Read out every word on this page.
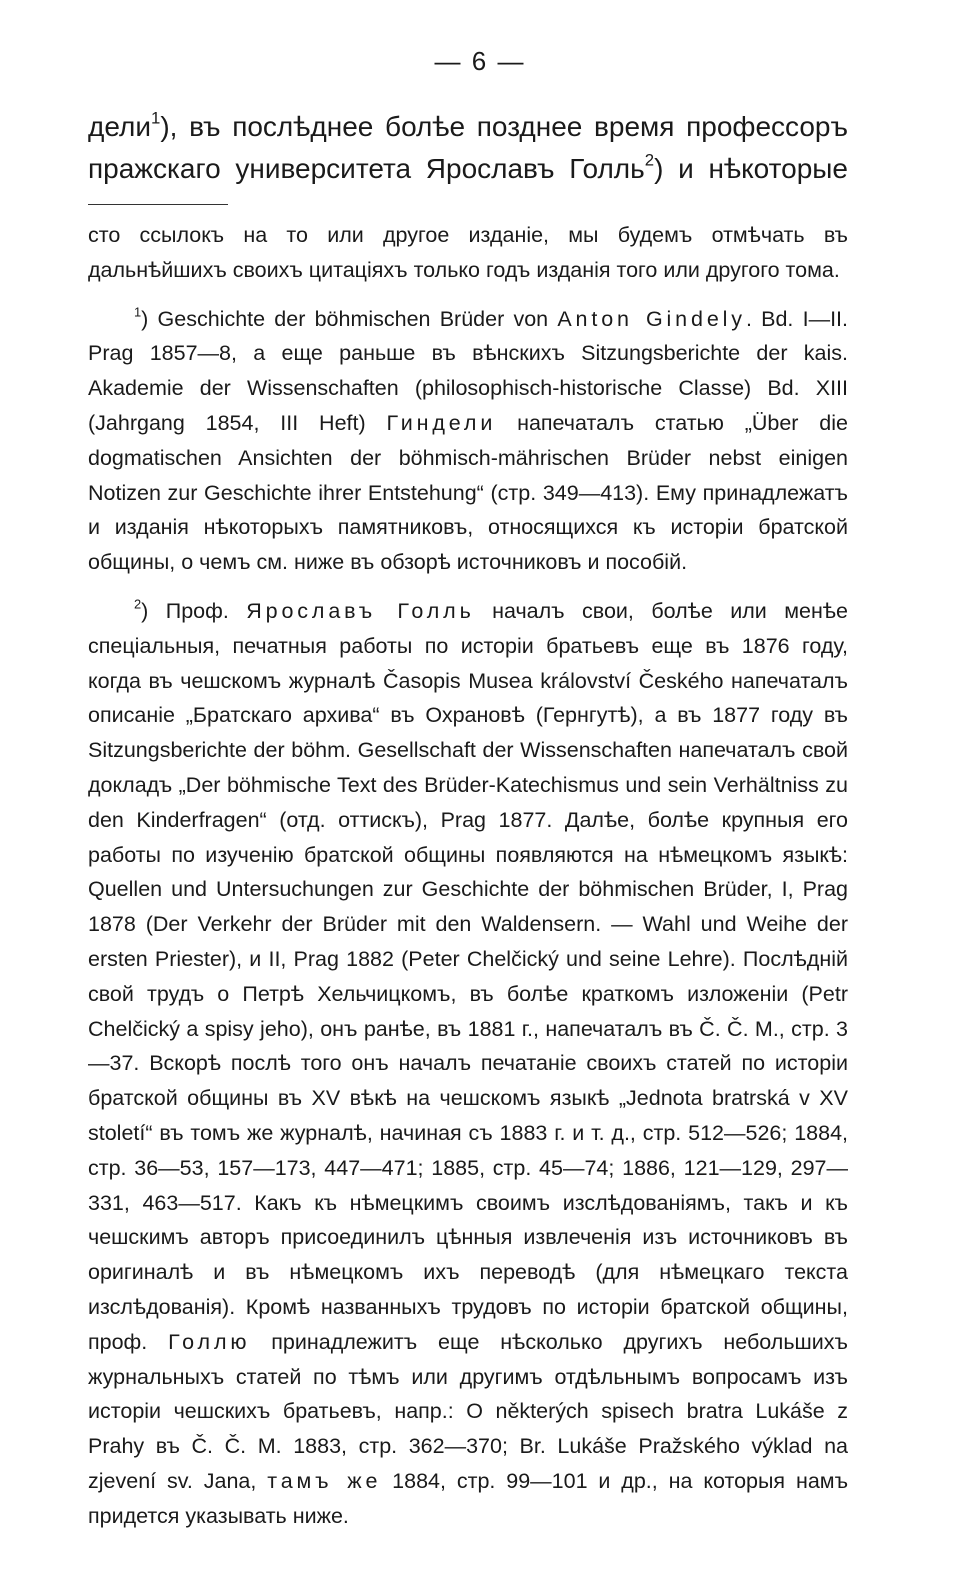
— 6 —

дели$^1$), въ послѣднее болѣе позднее время профессоръ пражскаго университета Ярославъ Голль$^2$) и нѣкоторые

сто ссылокъ на то или другое изданіе, мы будемъ отмѣчать въ дальнѣйшихъ своихъ цитаціяхъ только годъ изданія того или другого тома.

$^1$) Geschichte der böhmischen Brüder von Anton Gindely. Bd. I—II. Prag 1857—8, а еще раньше въ вѣнскихъ Sitzungsberichte der kais. Akademie der Wissenschaften (philosophisch-historische Classe) Bd. XIII (Jahrgang 1854, III Heft) Гиндели напечаталъ статью „Über die dogmatischen Ansichten der böhmisch-mährischen Brüder nebst einigen Notizen zur Geschichte ihrer Entstehung“ (стр. 349—413). Ему принадлежатъ и изданія нѣкоторыхъ памятниковъ, относящихся къ исторіи братской общины, о чемъ см. ниже въ обзорѣ источниковъ и пособій.

$^2$) Проф. Ярославъ Голль началъ свои, болѣе или менѣе спеціальныя, печатныя работы по исторіи братьевъ еще въ 1876 году, когда въ чешскомъ журналѣ Časopis Musea království Českého напечаталъ описаніе „Братскаго архива“ въ Охрановѣ (Гернгутѣ), а въ 1877 году въ Sitzungsberichte der böhm. Gesellschaft der Wissenschaften напечаталъ свой докладъ „Der böhmische Text des Brüder-Katechismus und sein Verhältniss zu den Kinderfragen“ (отд. оттискъ), Prag 1877. Далѣе, болѣе крупныя его работы по изученію братской общины появляются на нѣмецкомъ языкѣ: Quellen und Untersuchungen zur Geschichte der böhmischen Brüder, I, Prag 1878 (Der Verkehr der Brüder mit den Waldensern. — Wahl und Weihe der ersten Priester), и II, Prag 1882 (Peter Chelčický und seine Lehre). Послѣдній свой трудъ о Петрѣ Хельчицкомъ, въ болѣе краткомъ изложеніи (Petr Chelčický a spisy jeho), онъ ранѣе, въ 1881 г., напечаталъ въ Č. Č. M., стр. 3—37. Вскорѣ послѣ того онъ началъ печатаніе своихъ статей по исторіи братской общины въ XV вѣкѣ на чешскомъ языкѣ „Jednota bratrská v XV století“ въ томъ же журналѣ, начиная съ 1883 г. и т. д., стр. 512—526; 1884, стр. 36—53, 157—173, 447—471; 1885, стр. 45—74; 1886, 121—129, 297—331, 463—517. Какъ къ нѣмецкимъ своимъ изслѣдованіямъ, такъ и къ чешскимъ авторъ присоединилъ цѣнныя извлеченія изъ источниковъ въ оригиналѣ и въ нѣмецкомъ ихъ переводѣ (для нѣмецкаго текста изслѣдованія). Кромѣ названныхъ трудовъ по исторіи братской общины, проф. Голлю принадлежитъ еще нѣсколько другихъ небольшихъ журнальныхъ статей по тѣмъ или другимъ отдѣльнымъ вопросамъ изъ исторіи чешскихъ братьевъ, напр.: O některých spisech bratra Lukáše z Prahy въ Č. Č. M. 1883, стр. 362—370; Br. Lukáše Pražského výklad na zjevení sv. Jana, тамъ же 1884, стр. 99—101 и др., на которыя намъ придется указывать ниже.
